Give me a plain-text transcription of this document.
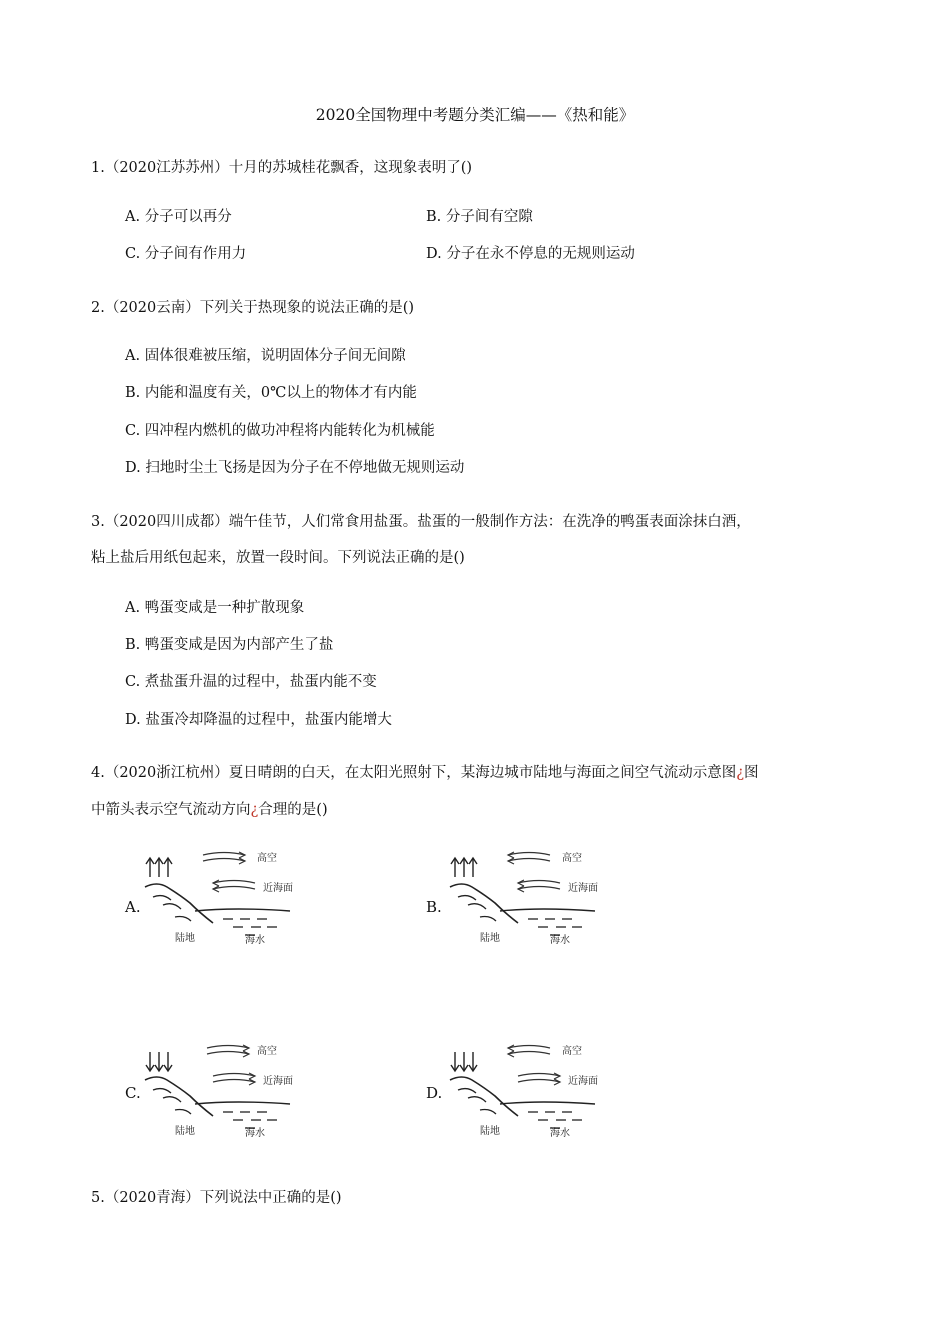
2020全国物理中考题分类汇编——《热和能》
1.（2020江苏苏州）十月的苏城桂花飘香，这现象表明了()
A. 分子可以再分	B. 分子间有空隙
C. 分子间有作用力	D. 分子在永不停息的无规则运动
2.（2020云南）下列关于热现象的说法正确的是()
A. 固体很难被压缩，说明固体分子间无间隙
B. 内能和温度有关，0℃以上的物体才有内能
C. 四冲程内燃机的做功冲程将内能转化为机械能
D. 扫地时尘土飞扬是因为分子在不停地做无规则运动
3.（2020四川成都）端午佳节，人们常食用盐蛋。盐蛋的一般制作方法：在洗净的鸭蛋表面涂抹白酒，
粘上盐后用纸包起来，放置一段时间。下列说法正确的是()
A. 鸭蛋变咸是一种扩散现象
B. 鸭蛋变咸是因为内部产生了盐
C. 煮盐蛋升温的过程中，盐蛋内能不变
D. 盐蛋冷却降温的过程中，盐蛋内能增大
4.（2020浙江杭州）夏日晴朗的白天，在太阳光照射下，某海边城市陆地与海面之间空气流动示意图¿图
中箭头表示空气流动方向¿合理的是()
A.	B.
C.	D.
高空
近海面
陆地	海水
高空
近海面
陆地	海水
高空
近海面
陆地	海水
高空
近海面
陆地	海水
5.（2020青海）下列说法中正确的是()
